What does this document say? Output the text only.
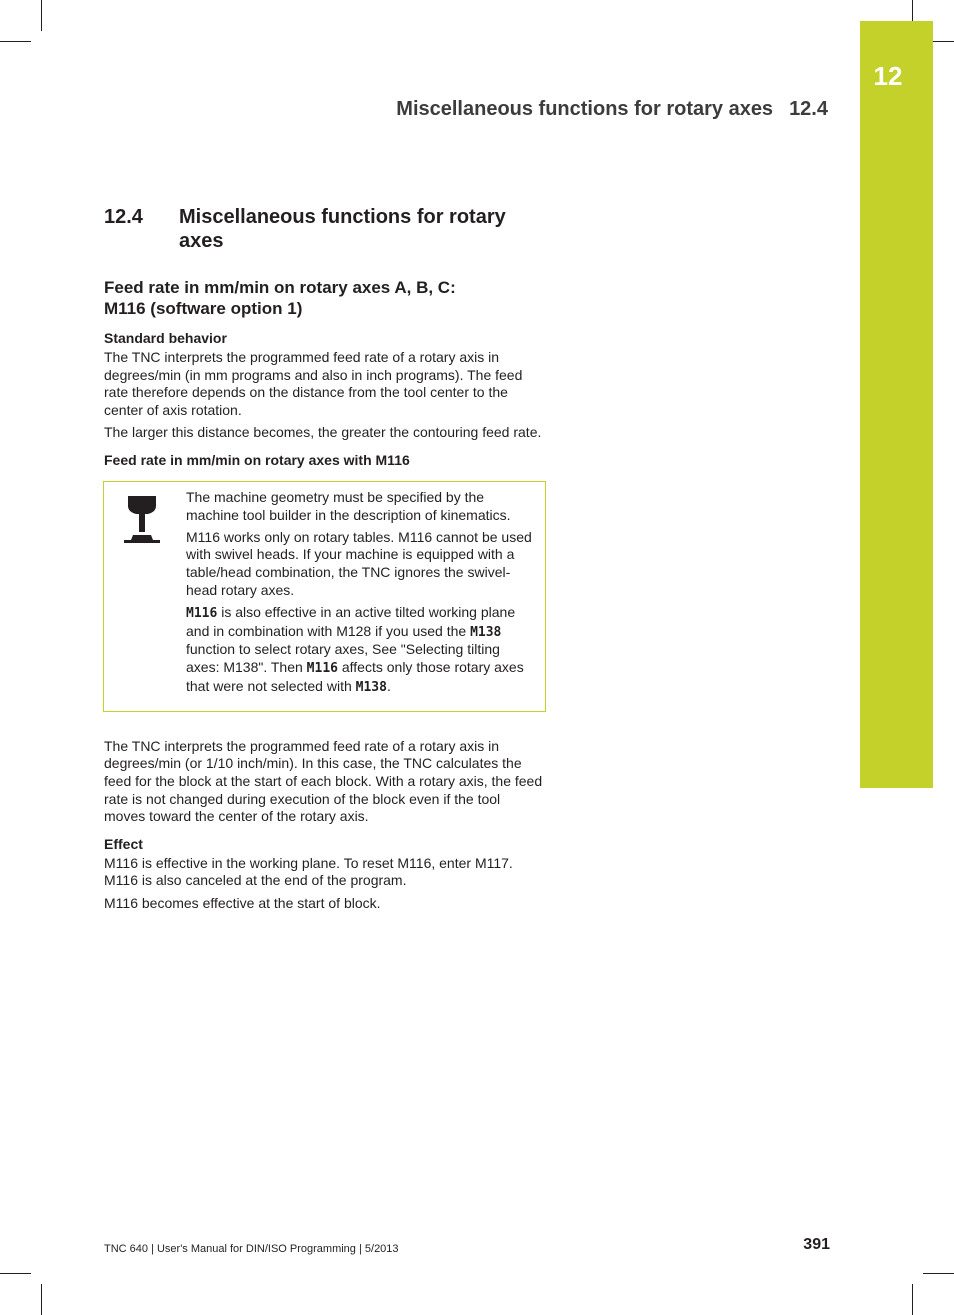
12
Miscellaneous functions for rotary axes 12.4
12.4 Miscellaneous functions for rotary axes
Feed rate in mm/min on rotary axes A, B, C:
M116 (software option 1)
Standard behavior

The TNC interprets the programmed feed rate of a rotary axis in degrees/min (in mm programs and also in inch programs). The feed rate therefore depends on the distance from the tool center to the center of axis rotation.

The larger this distance becomes, the greater the contouring feed rate.

Feed rate in mm/min on rotary axes with M116

The machine geometry must be specified by the machine tool builder in the description of kinematics.

M116 works only on rotary tables. M116 cannot be used with swivel heads. If your machine is equipped with a table/head combination, the TNC ignores the swivel-head rotary axes.

M116 is also effective in an active tilted working plane and in combination with M128 if you used the M138 function to select rotary axes, See "Selecting tilting axes: M138". Then M116 affects only those rotary axes that were not selected with M138.

The TNC interprets the programmed feed rate of a rotary axis in degrees/min (or 1/10 inch/min). In this case, the TNC calculates the feed for the block at the start of each block. With a rotary axis, the feed rate is not changed during execution of the block even if the tool moves toward the center of the rotary axis.

Effect

M116 is effective in the working plane. To reset M116, enter M117. M116 is also canceled at the end of the program.

M116 becomes effective at the start of block.

TNC 640 | User's Manual for DIN/ISO Programming | 5/2013	391
